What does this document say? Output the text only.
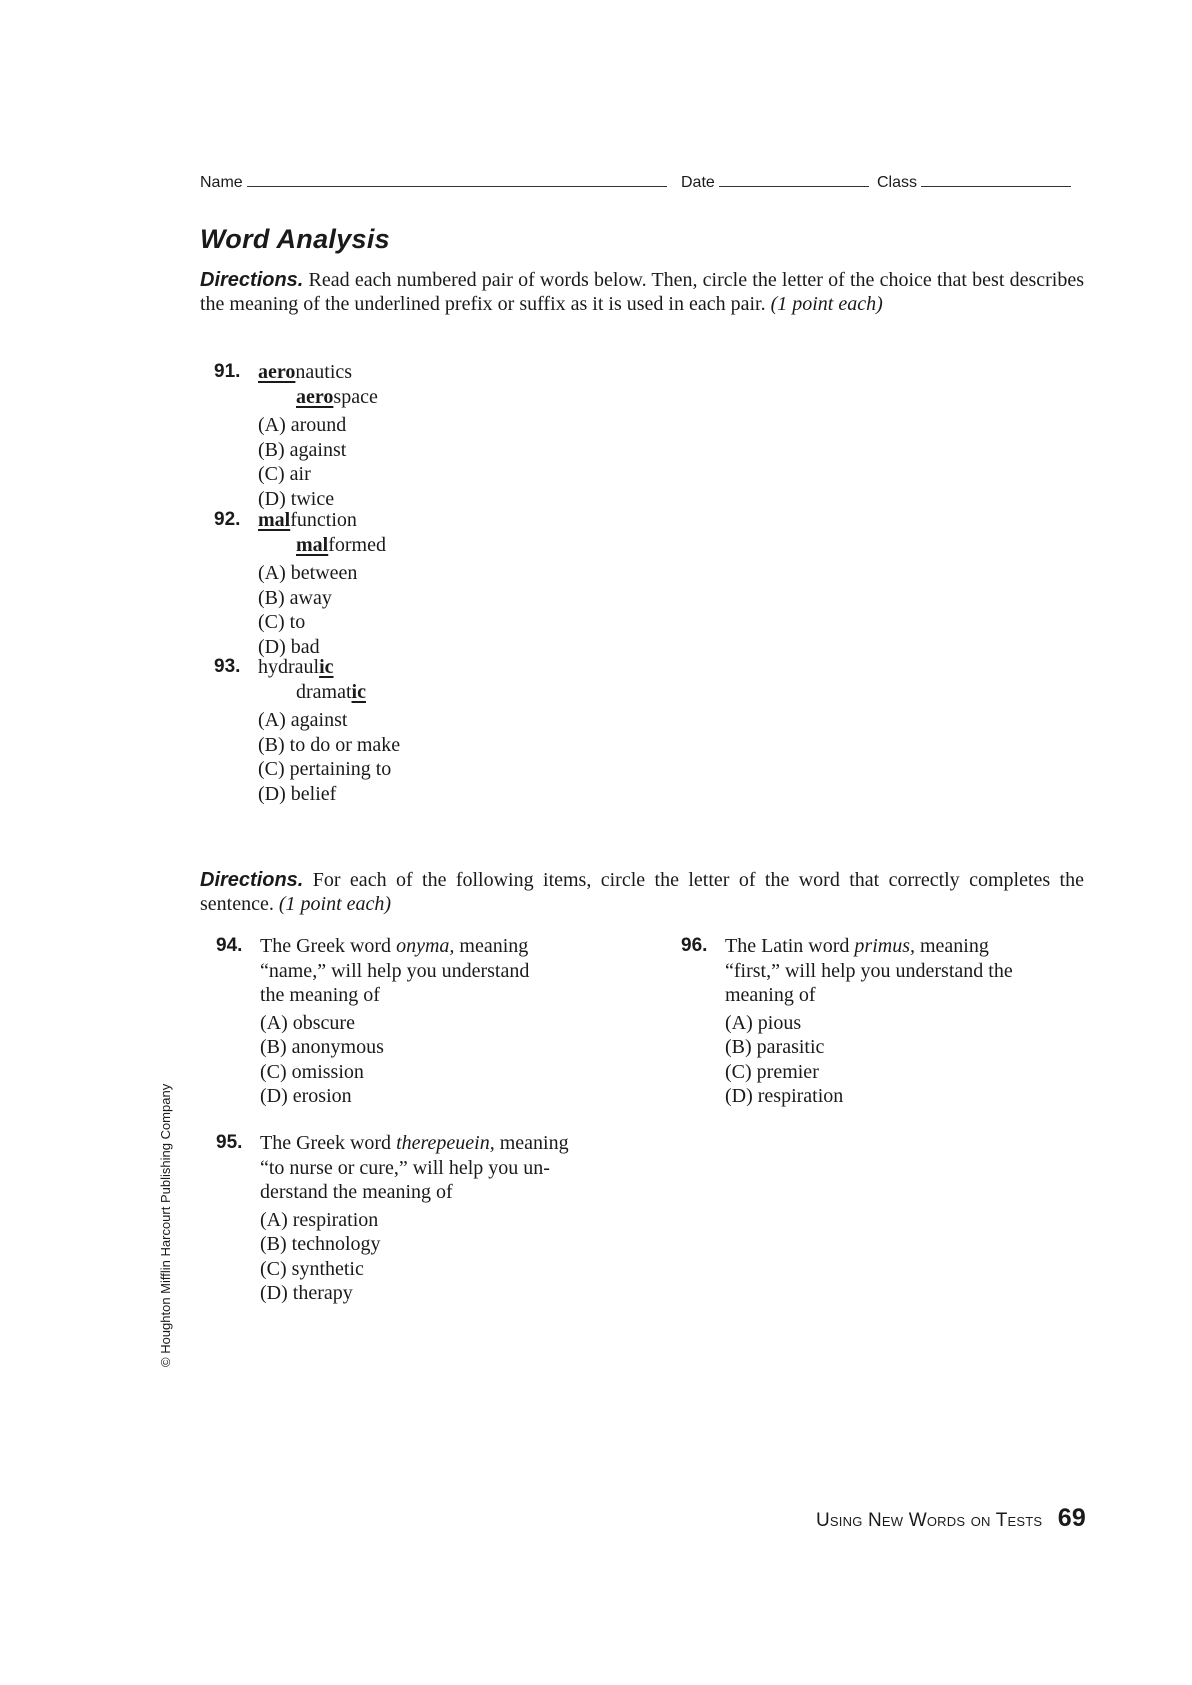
Name	Date	Class
Word Analysis
Directions. Read each numbered pair of words below. Then, circle the letter of the choice that best describes the meaning of the underlined prefix or suffix as it is used in each pair. (1 point each)
91. aeronautics aerospace
(A) around
(B) against
(C) air
(D) twice
92. malfunction malformed
(A) between
(B) away
(C) to
(D) bad
93. hydraulic dramatic
(A) against
(B) to do or make
(C) pertaining to
(D) belief
Directions. For each of the following items, circle the letter of the word that correctly completes the sentence. (1 point each)
94. The Greek word onyma, meaning
“name,” will help you understand
the meaning of
(A) obscure
(B) anonymous
(C) omission
(D) erosion
95. The Greek word therepeuein, meaning
“to nurse or cure,” will help you un-
derstand the meaning of
(A) respiration
(B) technology
(C) synthetic
(D) therapy
96. The Latin word primus, meaning
“first,” will help you understand the
meaning of
(A) pious
(B) parasitic
(C) premier
(D) respiration
© Houghton Mifflin Harcourt Publishing Company
Using New Words on Tests 69
